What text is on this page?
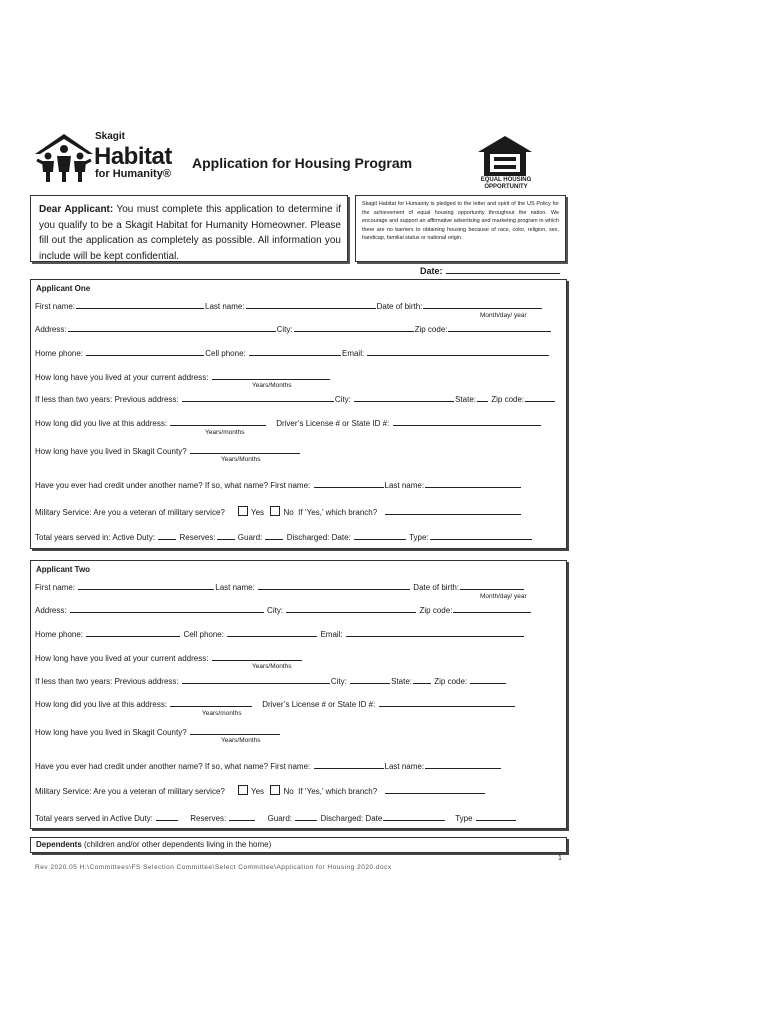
Skagit
Habitat
for Humanity®
Application for Housing Program
EQUAL HOUSING
OPPORTUNITY
Dear Applicant: You must complete this application to determine if you qualify to be a Skagit Habitat for Humanity Homeowner. Please fill out the application as completely as possible. All information you include will be kept confidential.
Skagit Habitat for Humanity is pledged to the letter and spirit of the US Policy for the achievement of equal housing opportunity throughout the nation. We encourage and support an affirmative advertising and marketing program in which there are no barriers to obtaining housing because of race, color, religion, sex, handicap, familial status or national origin.
Date:
Applicant One
First name:	Last name:	Date of birth:
Month/day/ year
Address:	City:	Zip code:
Home phone:	Cell phone:	Email:
How long have you lived at your current address:
Years/Months
If less than two years: Previous address:	City:	State: Zip code:
How long did you live at this address:	Driver’s License # or State ID #:
Years/months
How long have you lived in Skagit County?
Years/Months
Have you ever had credit under another name? If so, what name? First name:	Last name:
Military Service: Are you a veteran of military service?	Yes No If ‘Yes,’ which branch?
Total years served in: Active Duty:	Reserves:	Guard:	Discharged: Date:	Type:
Applicant Two
First name:	Last name:	Date of birth:
Month/day/ year
Address:	City:	Zip code:
Home phone:	Cell phone:	Email:
How long have you lived at your current address:
Years/Months
If less than two years: Previous address:	City:	State:	Zip code:
How long did you live at this address:	Driver’s License # or State ID #:
Years/months
How long have you lived in Skagit County?
Years/Months
Have you ever had credit under another name? If so, what name? First name:	Last name:
Military Service: Are you a veteran of military service?	Yes No If ‘Yes,’ which branch?
Total years served in Active Duty:	Reserves:	Guard:	Discharged: Date	Type
Dependents (children and/or other dependents living in the home)
1
Rev 2020.05 H:\Committees\FS Selection Committee\Select Committee\Application for Housing 2020.docx
